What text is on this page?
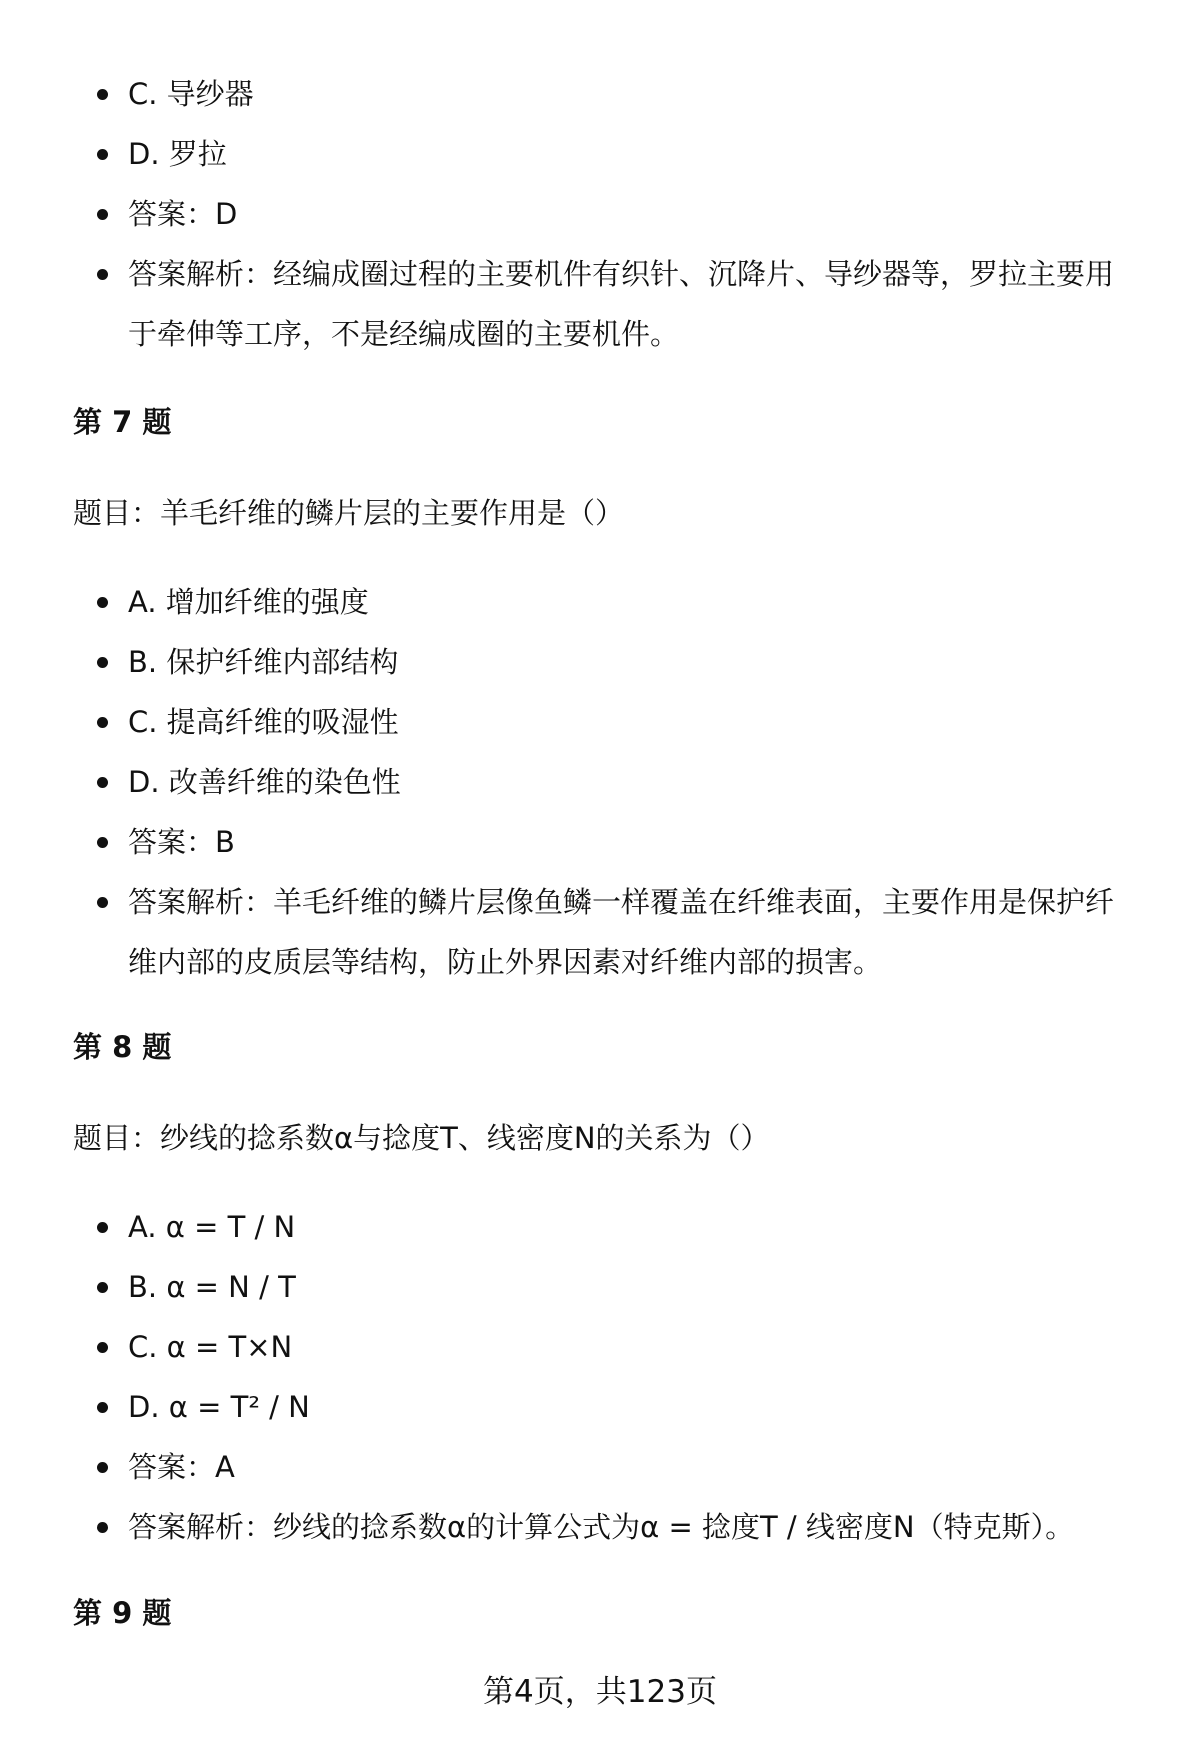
C. 导纱器
D. 罗拉
答案：D
答案解析：经编成圈过程的主要机件有织针、沉降片、导纱器等，罗拉主要用于牵伸等工序，不是经编成圈的主要机件。
第 7 题
题目：羊毛纤维的鳞片层的主要作用是（）
A. 增加纤维的强度
B. 保护纤维内部结构
C. 提高纤维的吸湿性
D. 改善纤维的染色性
答案：B
答案解析：羊毛纤维的鳞片层像鱼鳞一样覆盖在纤维表面，主要作用是保护纤维内部的皮质层等结构，防止外界因素对纤维内部的损害。
第 8 题
题目：纱线的捻系数α与捻度T、线密度N的关系为（）
A. α = T / N
B. α = N / T
C. α = T×N
D. α = T² / N
答案：A
答案解析：纱线的捻系数α的计算公式为α = 捻度T / 线密度N（特克斯）。
第 9 题
第4页，共123页
